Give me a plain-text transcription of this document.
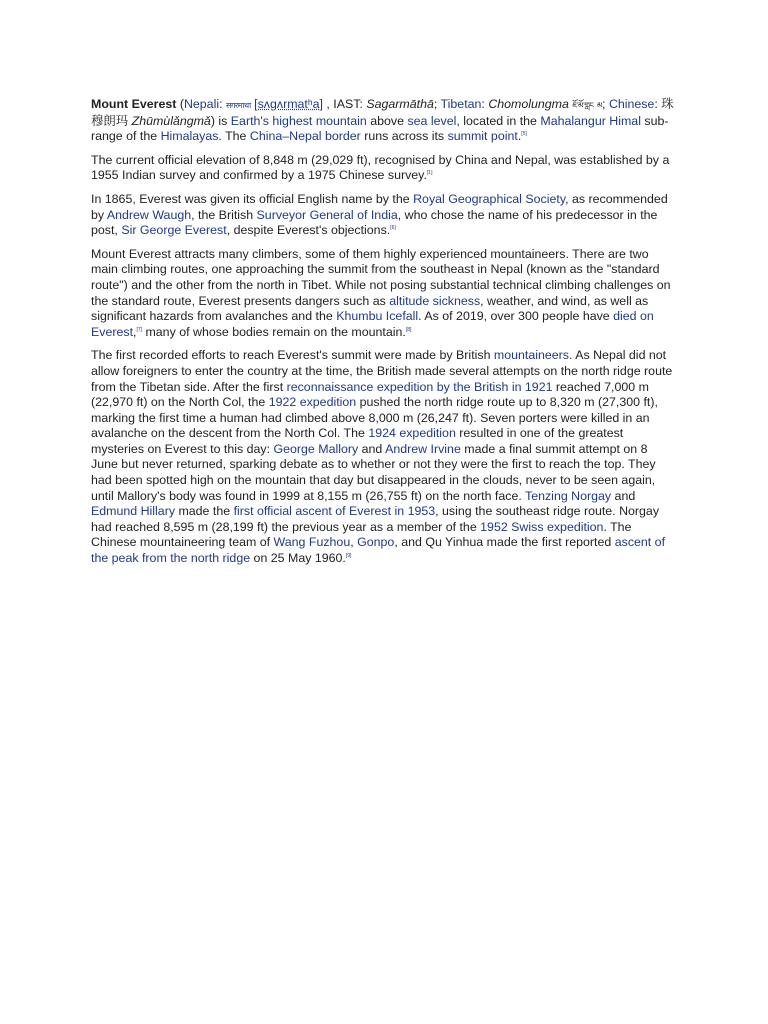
Mount Everest (Nepali: सगरमाथा [sʌɡʌrmatʰa] , IAST: Sagarmāthā; Tibetan: Chomolungma ཇོ་མོ་གླང མ; Chinese: 珠穆朗玛 Zhūmùlǎngmǎ) is Earth's highest mountain above sea level, located in the Mahalangur Himal sub-range of the Himalayas. The China–Nepal border runs across its summit point.[5]

The current official elevation of 8,848 m (29,029 ft), recognised by China and Nepal, was established by a 1955 Indian survey and confirmed by a 1975 Chinese survey.[1]

In 1865, Everest was given its official English name by the Royal Geographical Society, as recommended by Andrew Waugh, the British Surveyor General of India, who chose the name of his predecessor in the post, Sir George Everest, despite Everest's objections.[6]

Mount Everest attracts many climbers, some of them highly experienced mountaineers. There are two main climbing routes, one approaching the summit from the southeast in Nepal (known as the "standard route") and the other from the north in Tibet. While not posing substantial technical climbing challenges on the standard route, Everest presents dangers such as altitude sickness, weather, and wind, as well as significant hazards from avalanches and the Khumbu Icefall. As of 2019, over 300 people have died on Everest,[7] many of whose bodies remain on the mountain.[8]

The first recorded efforts to reach Everest's summit were made by British mountaineers. As Nepal did not allow foreigners to enter the country at the time, the British made several attempts on the north ridge route from the Tibetan side. After the first reconnaissance expedition by the British in 1921 reached 7,000 m (22,970 ft) on the North Col, the 1922 expedition pushed the north ridge route up to 8,320 m (27,300 ft), marking the first time a human had climbed above 8,000 m (26,247 ft). Seven porters were killed in an avalanche on the descent from the North Col. The 1924 expedition resulted in one of the greatest mysteries on Everest to this day: George Mallory and Andrew Irvine made a final summit attempt on 8 June but never returned, sparking debate as to whether or not they were the first to reach the top. They had been spotted high on the mountain that day but disappeared in the clouds, never to be seen again, until Mallory's body was found in 1999 at 8,155 m (26,755 ft) on the north face. Tenzing Norgay and Edmund Hillary made the first official ascent of Everest in 1953, using the southeast ridge route. Norgay had reached 8,595 m (28,199 ft) the previous year as a member of the 1952 Swiss expedition. The Chinese mountaineering team of Wang Fuzhou, Gonpo, and Qu Yinhua made the first reported ascent of the peak from the north ridge on 25 May 1960.[9]
